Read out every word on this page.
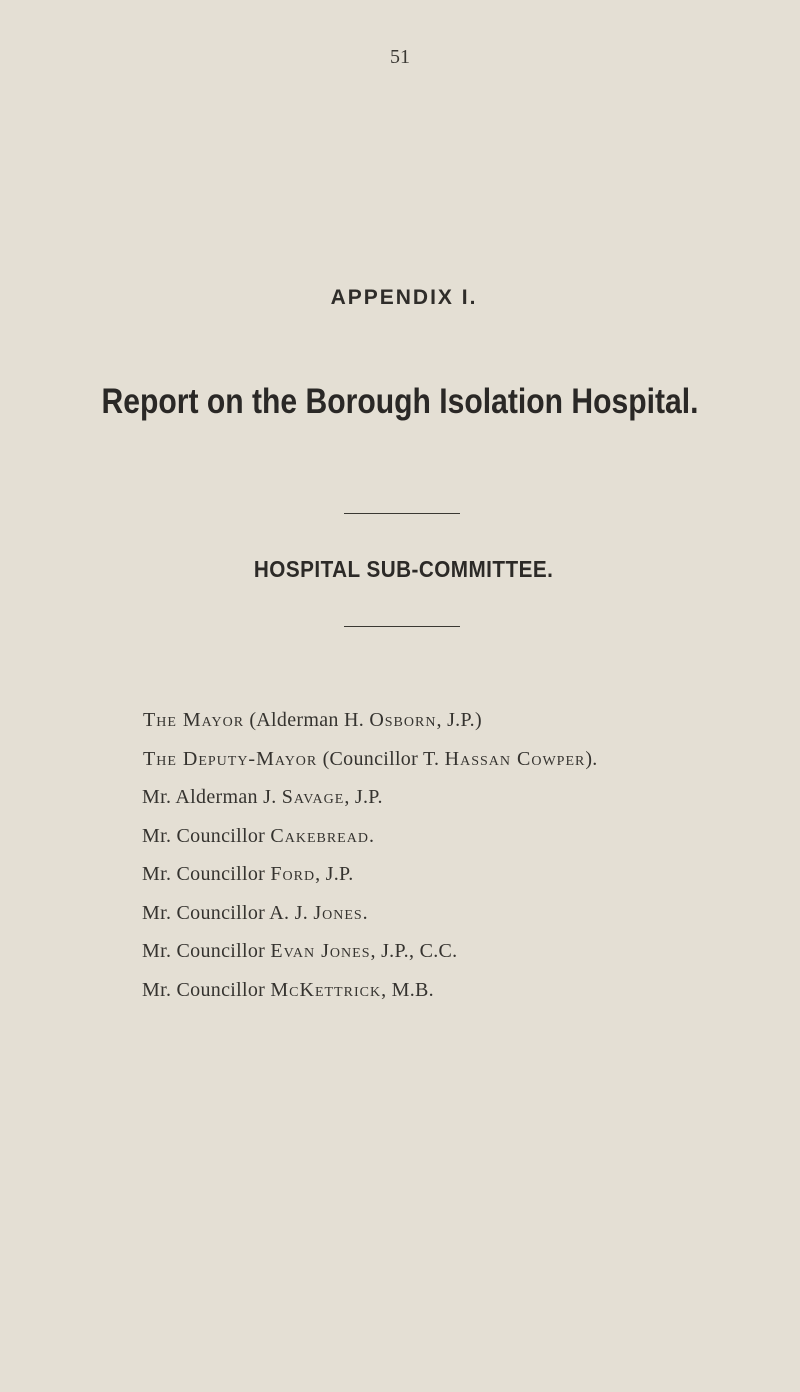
51
APPENDIX I.
Report on the Borough Isolation Hospital.
HOSPITAL SUB-COMMITTEE.
The Mayor (Alderman H. Osborn, J.P.)
The Deputy-Mayor (Councillor T. Hassan Cowper).
Mr. Alderman J. Savage, J.P.
Mr. Councillor Cakebread.
Mr. Councillor Ford, J.P.
Mr. Councillor A. J. Jones.
Mr. Councillor Evan Jones, J.P., C.C.
Mr. Councillor McKettrick, M.B.
